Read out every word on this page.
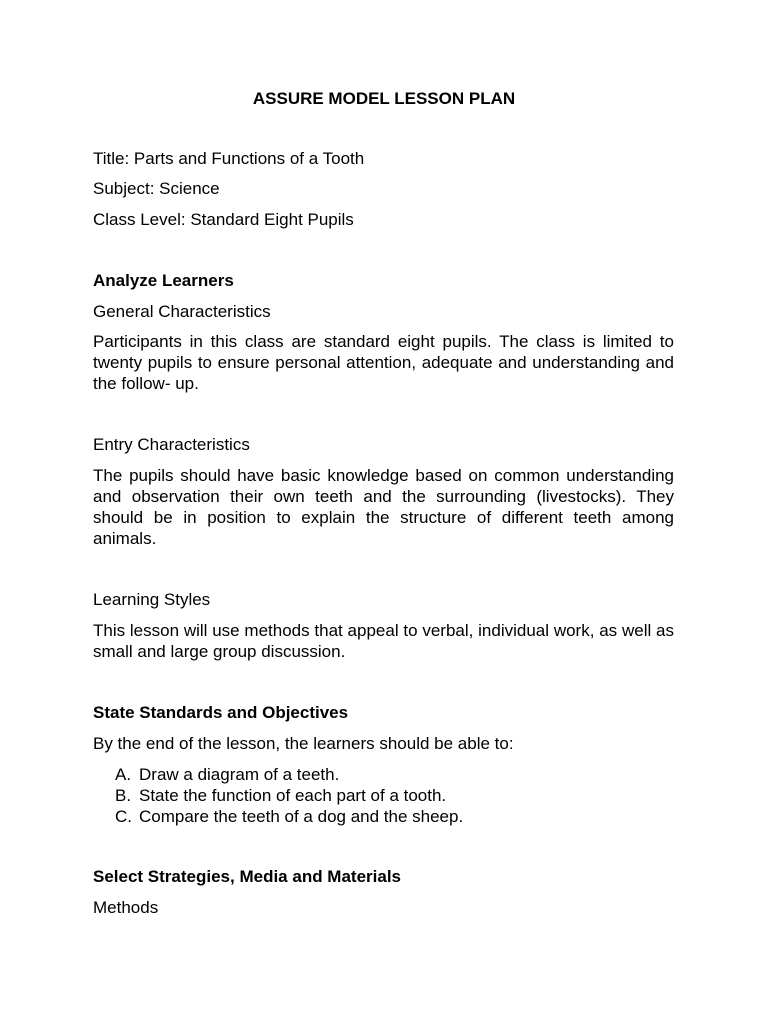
ASSURE MODEL LESSON PLAN

Title: Parts and Functions of a Tooth

Subject: Science

Class Level: Standard Eight Pupils

Analyze Learners

General Characteristics

Participants in this class are standard eight pupils. The class is limited to twenty pupils to ensure personal attention, adequate and understanding and the follow- up.

Entry Characteristics

The pupils should have basic knowledge based on common understanding and observation their own teeth and the surrounding (livestocks). They should be in position to explain the structure of different teeth among animals.

Learning Styles

This lesson will use methods that appeal to verbal, individual work, as well as small and large group discussion.

State Standards and Objectives

By the end of the lesson, the learners should be able to:

A. Draw a diagram of a teeth.
B. State the function of each part of a tooth.
C. Compare the teeth of a dog and the sheep.

Select Strategies, Media and Materials

Methods
